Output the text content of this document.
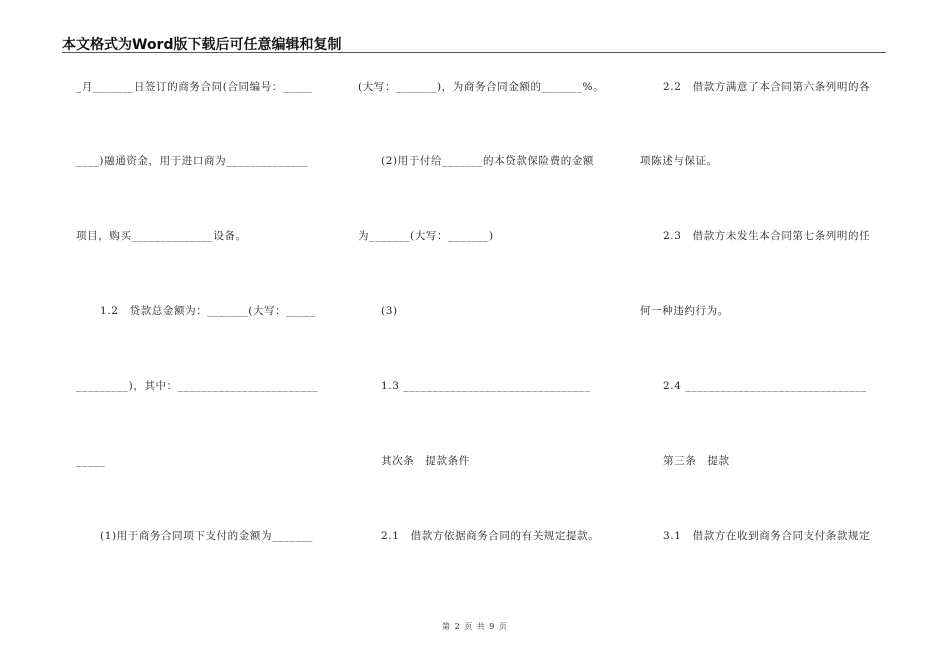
本文格式为Word版下载后可任意编辑和复制
_月_______日签订的商务合同(合同编号：_____
____)融通资金，用于进口商为______________
项目，购买______________设备。
1.2　贷款总金额为：_______(大写：_____
_________)，其中：________________________
_____
(1)用于商务合同项下支付的金额为_______
(大写：_______)，为商务合同金额的_______%。
(2)用于付给_______的本贷款保险费的金额
为_______(大写：_______)
(3)
1.3 ________________________________
其次条　提款条件
2.1　借款方依据商务合同的有关规定提款。
2.2　借款方满意了本合同第六条列明的各
项陈述与保证。
2.3　借款方未发生本合同第七条列明的任
何一种违约行为。
2.4 _______________________________
第三条　提款
3.1　借款方在收到商务合同支付条款规定
第 2 页 共 9 页
